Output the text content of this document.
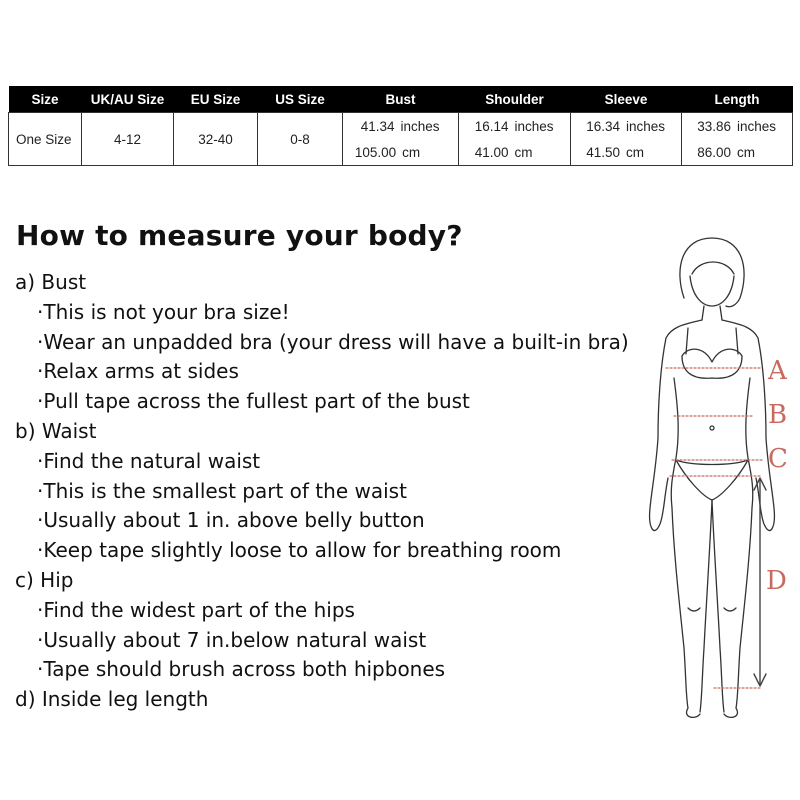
Size	UK/AU Size	EU Size	US Size	Bust	Shoulder	Sleeve	Length
One Size	4-12	32-40	0-8	41.34 inches	16.14 inches	16.34 inches	33.86 inches
				105.00 cm	41.00 cm	41.50 cm	86.00 cm
How to measure your body?
a) Bust
· This is not your bra size!
· Wear an unpadded bra (your dress will have a built-in bra)
· Relax arms at sides
· Pull tape across the fullest part of the bust
b) Waist
· Find the natural waist
· This is the smallest part of the waist
· Usually about 1 in. above belly button
· Keep tape slightly loose to allow for breathing room
c) Hip
· Find the widest part of the hips
· Usually about 7 in.below natural waist
· Tape should brush across both hipbones
d) Inside leg length
A
B
C
D
